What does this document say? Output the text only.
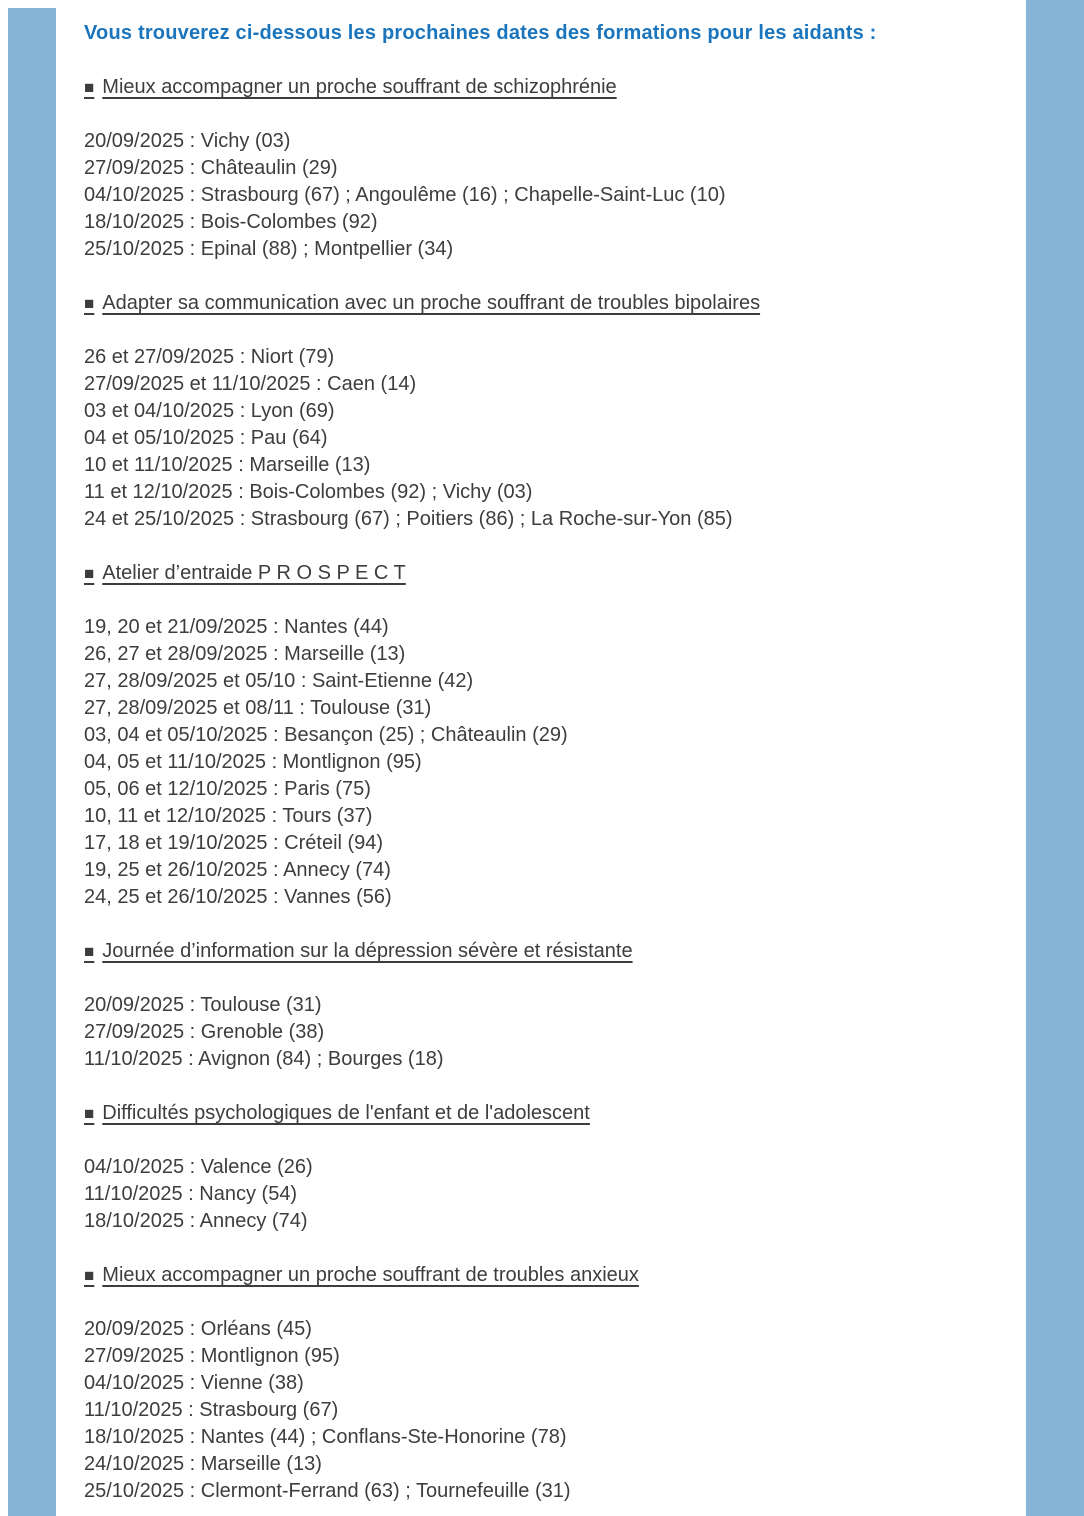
Vous trouverez ci-dessous les prochaines dates des formations pour les aidants :

■ Mieux accompagner un proche souffrant de schizophrénie

20/09/2025 : Vichy (03)
27/09/2025 : Châteaulin (29)
04/10/2025 : Strasbourg (67) ; Angoulême (16) ; Chapelle-Saint-Luc (10)
18/10/2025 : Bois-Colombes (92)
25/10/2025 : Epinal (88) ; Montpellier (34)

■ Adapter sa communication avec un proche souffrant de troubles bipolaires

26 et 27/09/2025 : Niort (79)
27/09/2025 et 11/10/2025 : Caen (14)
03 et 04/10/2025 : Lyon (69)
04 et 05/10/2025 : Pau (64)
10 et 11/10/2025 : Marseille (13)
11 et 12/10/2025 : Bois-Colombes (92) ; Vichy (03)
24 et 25/10/2025 : Strasbourg (67) ; Poitiers (86) ; La Roche-sur-Yon (85)

■ Atelier d’entraide P R O S P E C T

19, 20 et 21/09/2025 : Nantes (44)
26, 27 et 28/09/2025 : Marseille (13)
27, 28/09/2025 et 05/10 : Saint-Etienne (42)
27, 28/09/2025 et 08/11 : Toulouse (31)
03, 04 et 05/10/2025 : Besançon (25) ; Châteaulin (29)
04, 05 et 11/10/2025 : Montlignon (95)
05, 06 et 12/10/2025 : Paris (75)
10, 11 et 12/10/2025 : Tours (37)
17, 18 et 19/10/2025 : Créteil (94)
19, 25 et 26/10/2025 : Annecy (74)
24, 25 et 26/10/2025 : Vannes (56)

■ Journée d’information sur la dépression sévère et résistante

20/09/2025 : Toulouse (31)
27/09/2025 : Grenoble (38)
11/10/2025 : Avignon (84) ; Bourges (18)

■ Difficultés psychologiques de l'enfant et de l'adolescent

04/10/2025 : Valence (26)
11/10/2025 : Nancy (54)
18/10/2025 : Annecy (74)

■ Mieux accompagner un proche souffrant de troubles anxieux

20/09/2025 : Orléans (45)
27/09/2025 : Montlignon (95)
04/10/2025 : Vienne (38)
11/10/2025 : Strasbourg (67)
18/10/2025 : Nantes (44) ; Conflans-Ste-Honorine (78)
24/10/2025 : Marseille (13)
25/10/2025 : Clermont-Ferrand (63) ; Tournefeuille (31)
